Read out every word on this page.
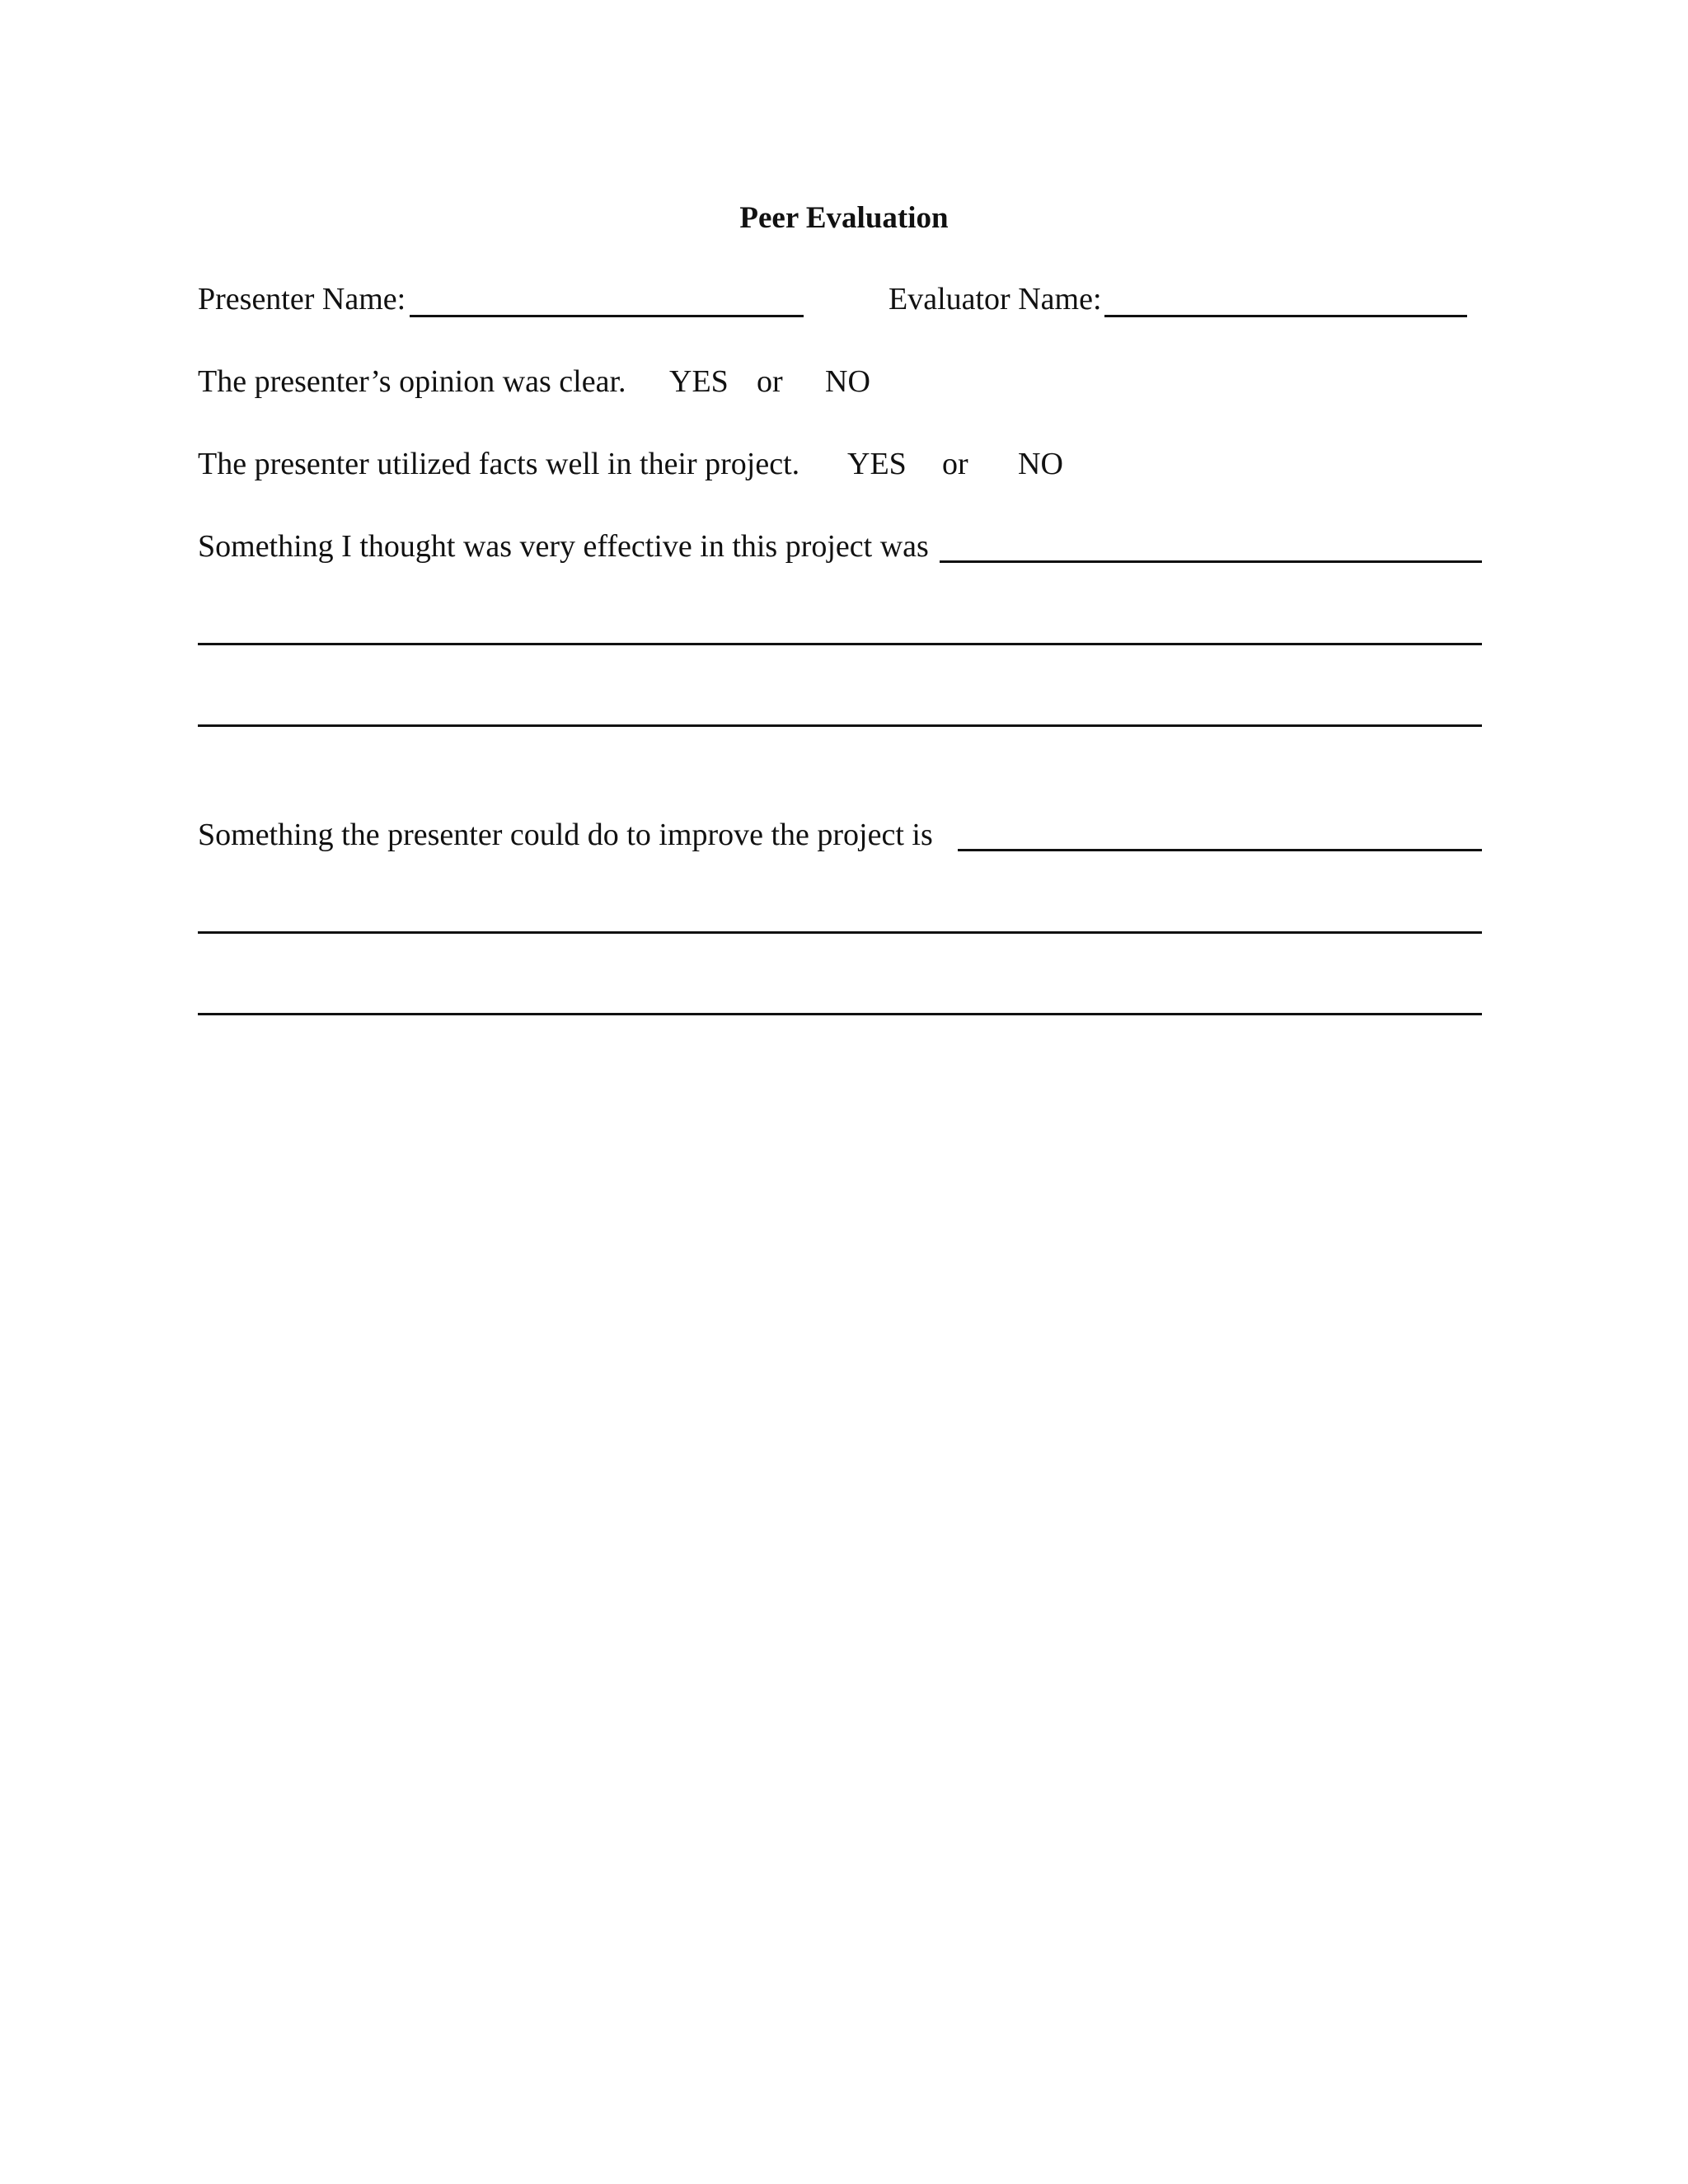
Peer Evaluation
Presenter Name:	Evaluator Name:
The presenter’s opinion was clear. YES or NO
The presenter utilized facts well in their project. YES or NO
Something I thought was very effective in this project was
Something the presenter could do to improve the project is
